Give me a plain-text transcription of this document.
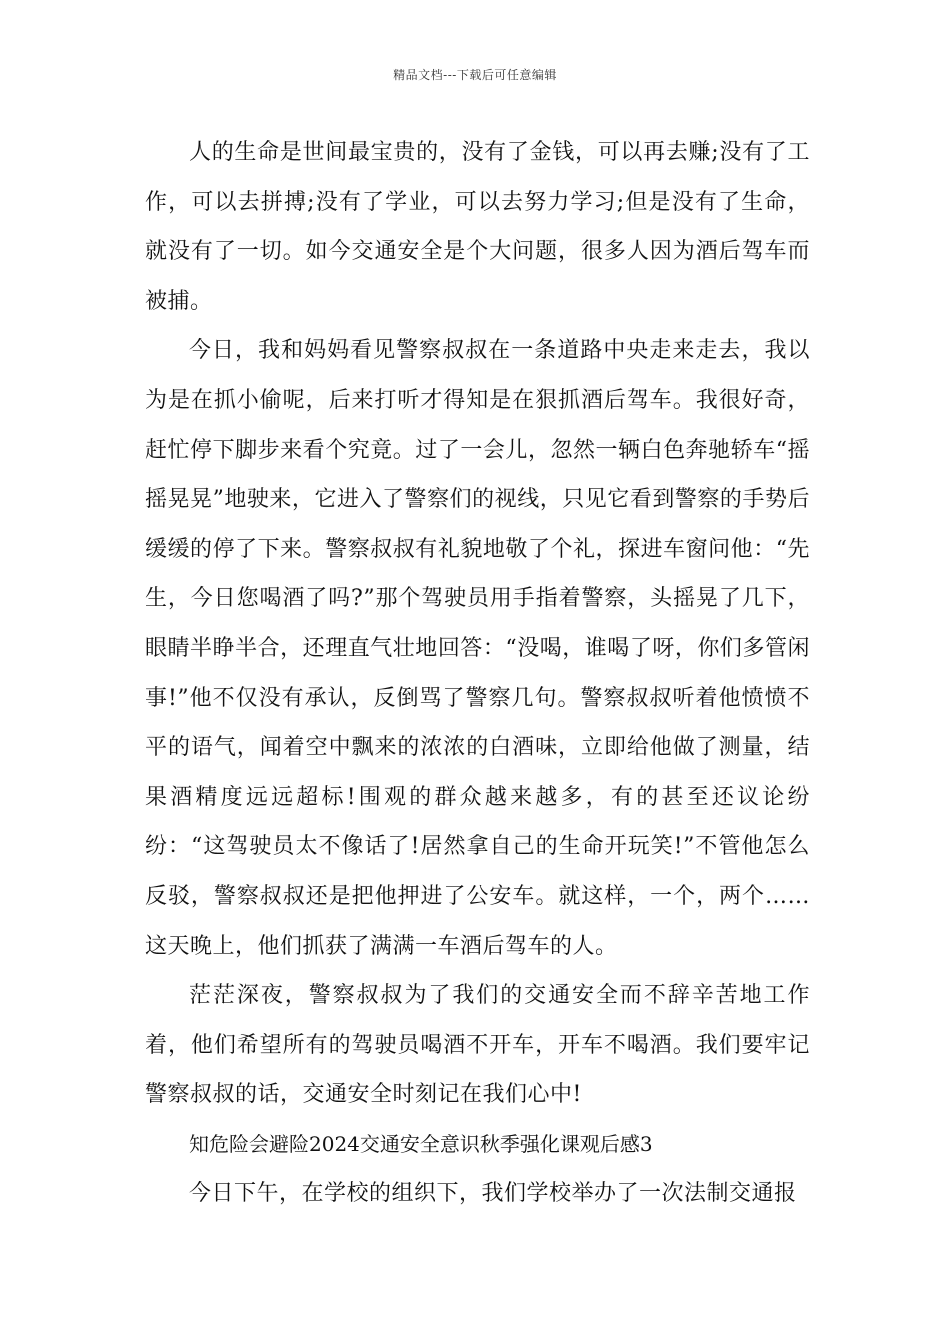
精品文档---下载后可任意编辑

人的生命是世间最宝贵的，没有了金钱，可以再去赚;没有了工作，可以去拼搏;没有了学业，可以去努力学习;但是没有了生命，就没有了一切。如今交通安全是个大问题，很多人因为酒后驾车而被捕。

今日，我和妈妈看见警察叔叔在一条道路中央走来走去，我以为是在抓小偷呢，后来打听才得知是在狠抓酒后驾车。我很好奇，赶忙停下脚步来看个究竟。过了一会儿，忽然一辆白色奔驰轿车“摇摇晃晃”地驶来，它进入了警察们的视线，只见它看到警察的手势后缓缓的停了下来。警察叔叔有礼貌地敬了个礼，探进车窗问他：“先生，今日您喝酒了吗?”那个驾驶员用手指着警察，头摇晃了几下，眼睛半睁半合，还理直气壮地回答：“没喝，谁喝了呀，你们多管闲事!”他不仅没有承认，反倒骂了警察几句。警察叔叔听着他愤愤不平的语气，闻着空中飘来的浓浓的白酒味，立即给他做了测量，结果酒精度远远超标!围观的群众越来越多，有的甚至还议论纷纷：“这驾驶员太不像话了!居然拿自己的生命开玩笑!”不管他怎么反驳，警察叔叔还是把他押进了公安车。就这样，一个，两个……这天晚上，他们抓获了满满一车酒后驾车的人。

茫茫深夜，警察叔叔为了我们的交通安全而不辞辛苦地工作着，他们希望所有的驾驶员喝酒不开车，开车不喝酒。我们要牢记警察叔叔的话，交通安全时刻记在我们心中!

知危险会避险2024交通安全意识秋季强化课观后感3

今日下午，在学校的组织下，我们学校举办了一次法制交通报
